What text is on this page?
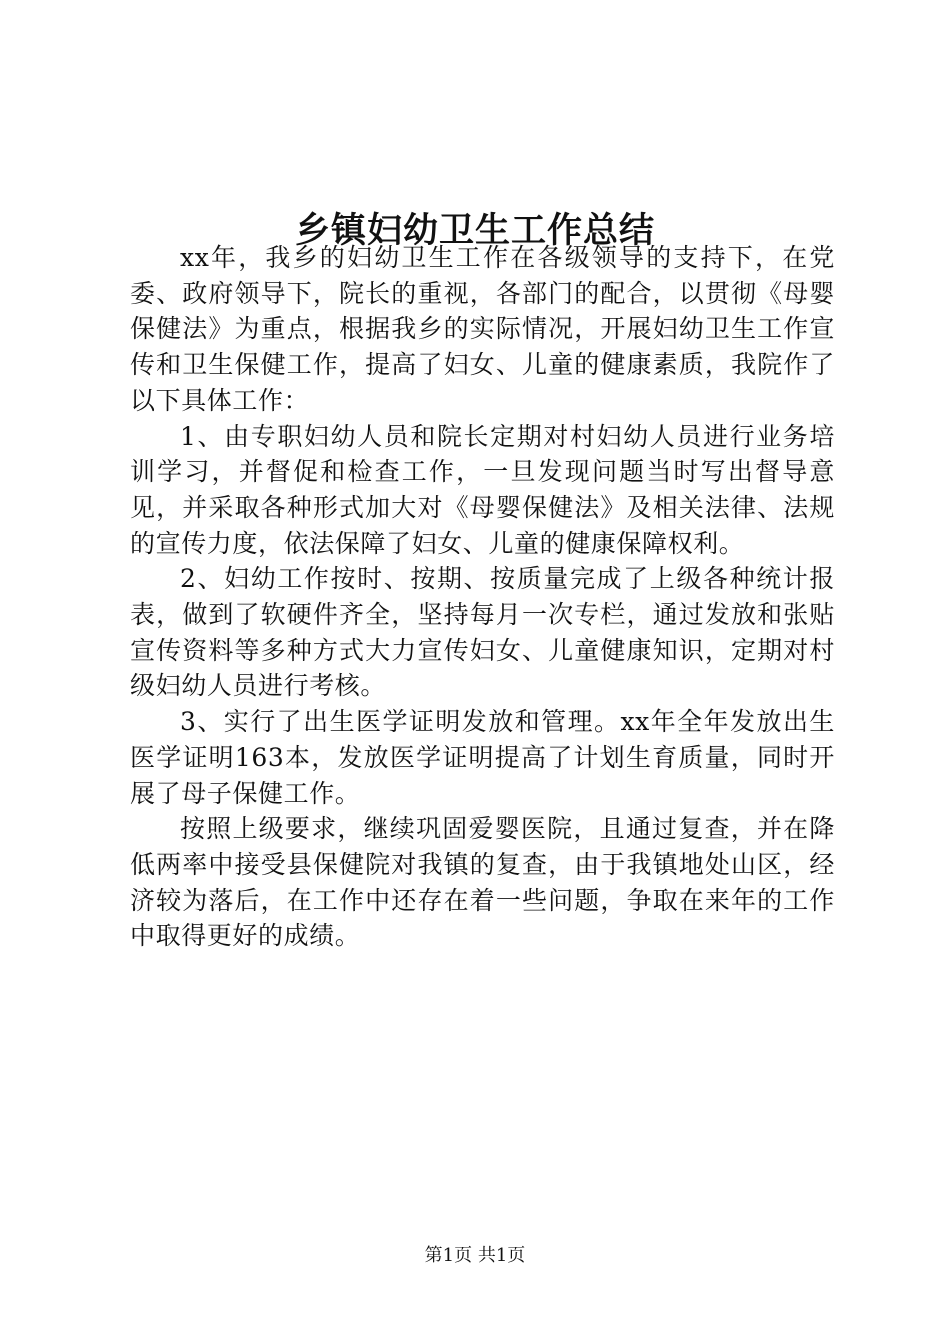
乡镇妇幼卫生工作总结

xx年，我乡的妇幼卫生工作在各级领导的支持下，在党委、政府领导下，院长的重视，各部门的配合，以贯彻《母婴保健法》为重点，根据我乡的实际情况，开展妇幼卫生工作宣传和卫生保健工作，提高了妇女、儿童的健康素质，我院作了以下具体工作：

1、由专职妇幼人员和院长定期对村妇幼人员进行业务培训学习，并督促和检查工作，一旦发现问题当时写出督导意见，并采取各种形式加大对《母婴保健法》及相关法律、法规的宣传力度，依法保障了妇女、儿童的健康保障权利。

2、妇幼工作按时、按期、按质量完成了上级各种统计报表，做到了软硬件齐全，坚持每月一次专栏，通过发放和张贴宣传资料等多种方式大力宣传妇女、儿童健康知识，定期对村级妇幼人员进行考核。

3、实行了出生医学证明发放和管理。xx年全年发放出生医学证明163本，发放医学证明提高了计划生育质量，同时开展了母子保健工作。

按照上级要求，继续巩固爱婴医院，且通过复查，并在降低两率中接受县保健院对我镇的复查，由于我镇地处山区，经济较为落后，在工作中还存在着一些问题，争取在来年的工作中取得更好的成绩。

第1页 共1页
